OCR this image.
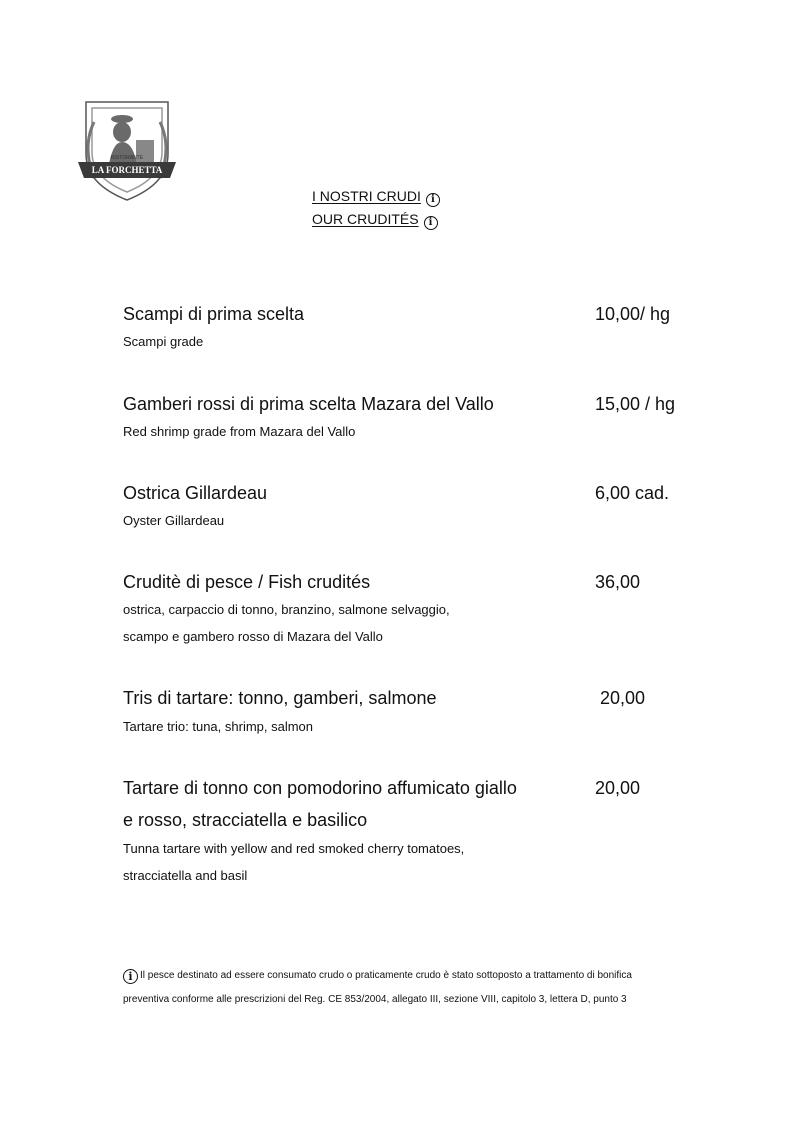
RISTORANTE
LA FORCHETTA
I NOSTRI CRUDI i
OUR CRUDITÉS i
Scampi di prima scelta	10,00/ hg
Scampi grade
Gamberi rossi di prima scelta Mazara del Vallo	15,00 / hg
Red shrimp grade from Mazara del Vallo
Ostrica Gillardeau	6,00 cad.
Oyster Gillardeau
Cruditè di pesce / Fish crudités	36,00
ostrica, carpaccio di tonno, branzino, salmone selvaggio,
scampo e gambero rosso di Mazara del Vallo
Tris di tartare: tonno, gamberi, salmone	20,00
Tartare trio: tuna, shrimp, salmon
Tartare di tonno con pomodorino affumicato giallo	20,00
e rosso, stracciatella e basilico
Tunna tartare with yellow and red smoked cherry tomatoes,
stracciatella and basil
i Il pesce destinato ad essere consumato crudo o praticamente crudo è stato sottoposto a trattamento di bonifica
preventiva conforme alle prescrizioni del Reg. CE 853/2004, allegato III, sezione VIII, capitolo 3, lettera D, punto 3
